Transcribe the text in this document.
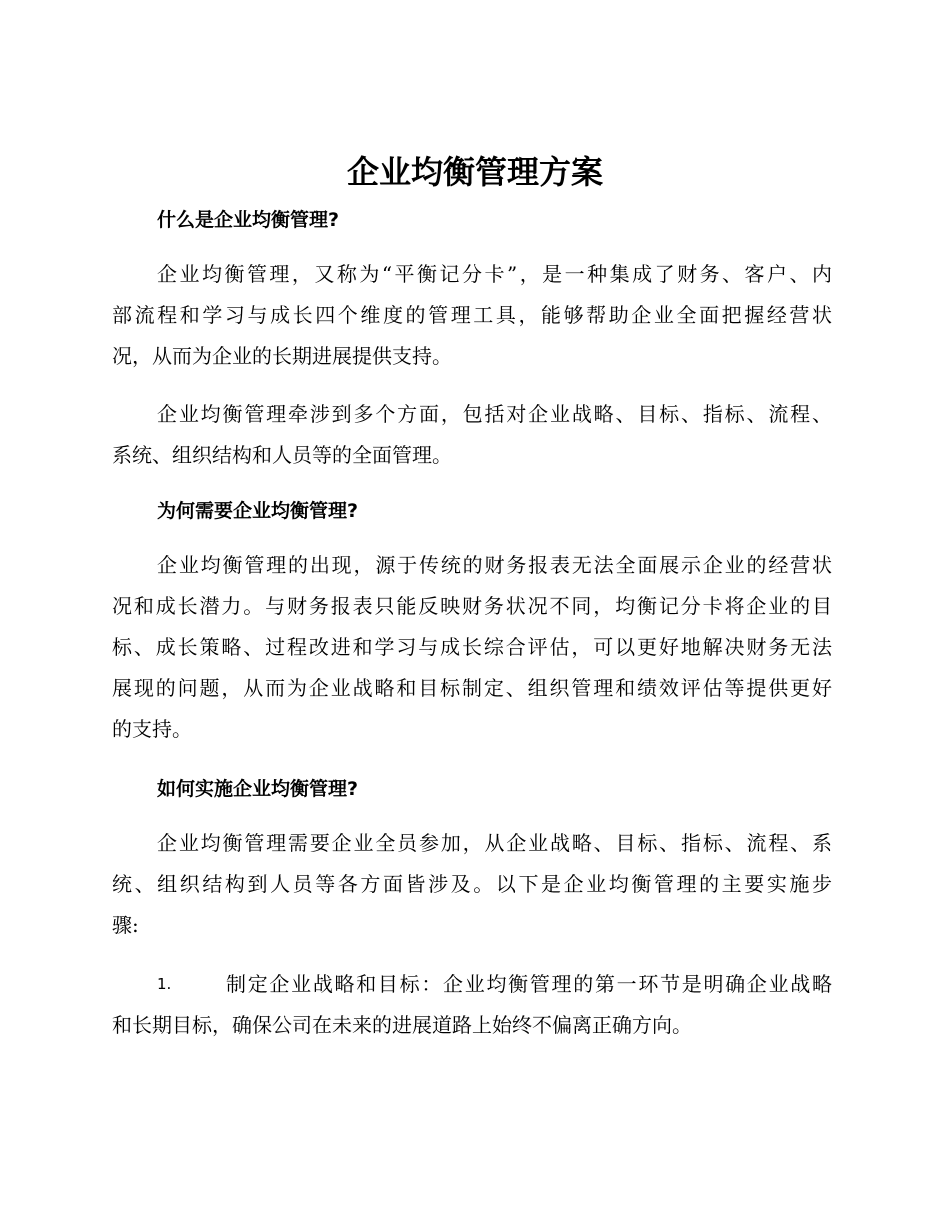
企业均衡管理方案
什么是企业均衡管理?
企业均衡管理，又称为“平衡记分卡”，是一种集成了财务、客户、内
部流程和学习与成长四个维度的管理工具，能够帮助企业全面把握经营状
况，从而为企业的长期进展提供支持。
企业均衡管理牵涉到多个方面，包括对企业战略、目标、指标、流程、
系统、组织结构和人员等的全面管理。
为何需要企业均衡管理?
企业均衡管理的出现，源于传统的财务报表无法全面展示企业的经营状
况和成长潜力。与财务报表只能反映财务状况不同，均衡记分卡将企业的目
标、成长策略、过程改进和学习与成长综合评估，可以更好地解决财务无法
展现的问题，从而为企业战略和目标制定、组织管理和绩效评估等提供更好
的支持。
如何实施企业均衡管理?
企业均衡管理需要企业全员参加，从企业战略、目标、指标、流程、系
统、组织结构到人员等各方面皆涉及。以下是企业均衡管理的主要实施步
骤:
1.	制定企业战略和目标：企业均衡管理的第一环节是明确企业战略
和长期目标，确保公司在未来的进展道路上始终不偏离正确方向。
